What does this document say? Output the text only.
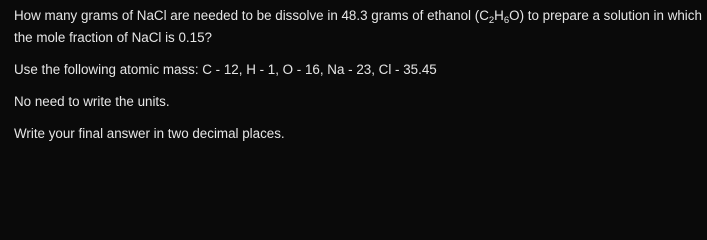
How many grams of NaCl are needed to be dissolve in 48.3 grams of ethanol $(C_2H_6O)$ to prepare a solution in which

the mole fraction of NaCl is 0.15?

Use the following atomic mass: C - 12, H - 1, O - 16, Na - 23, Cl - 35.45

No need to write the units.

Write your final answer in two decimal places.
